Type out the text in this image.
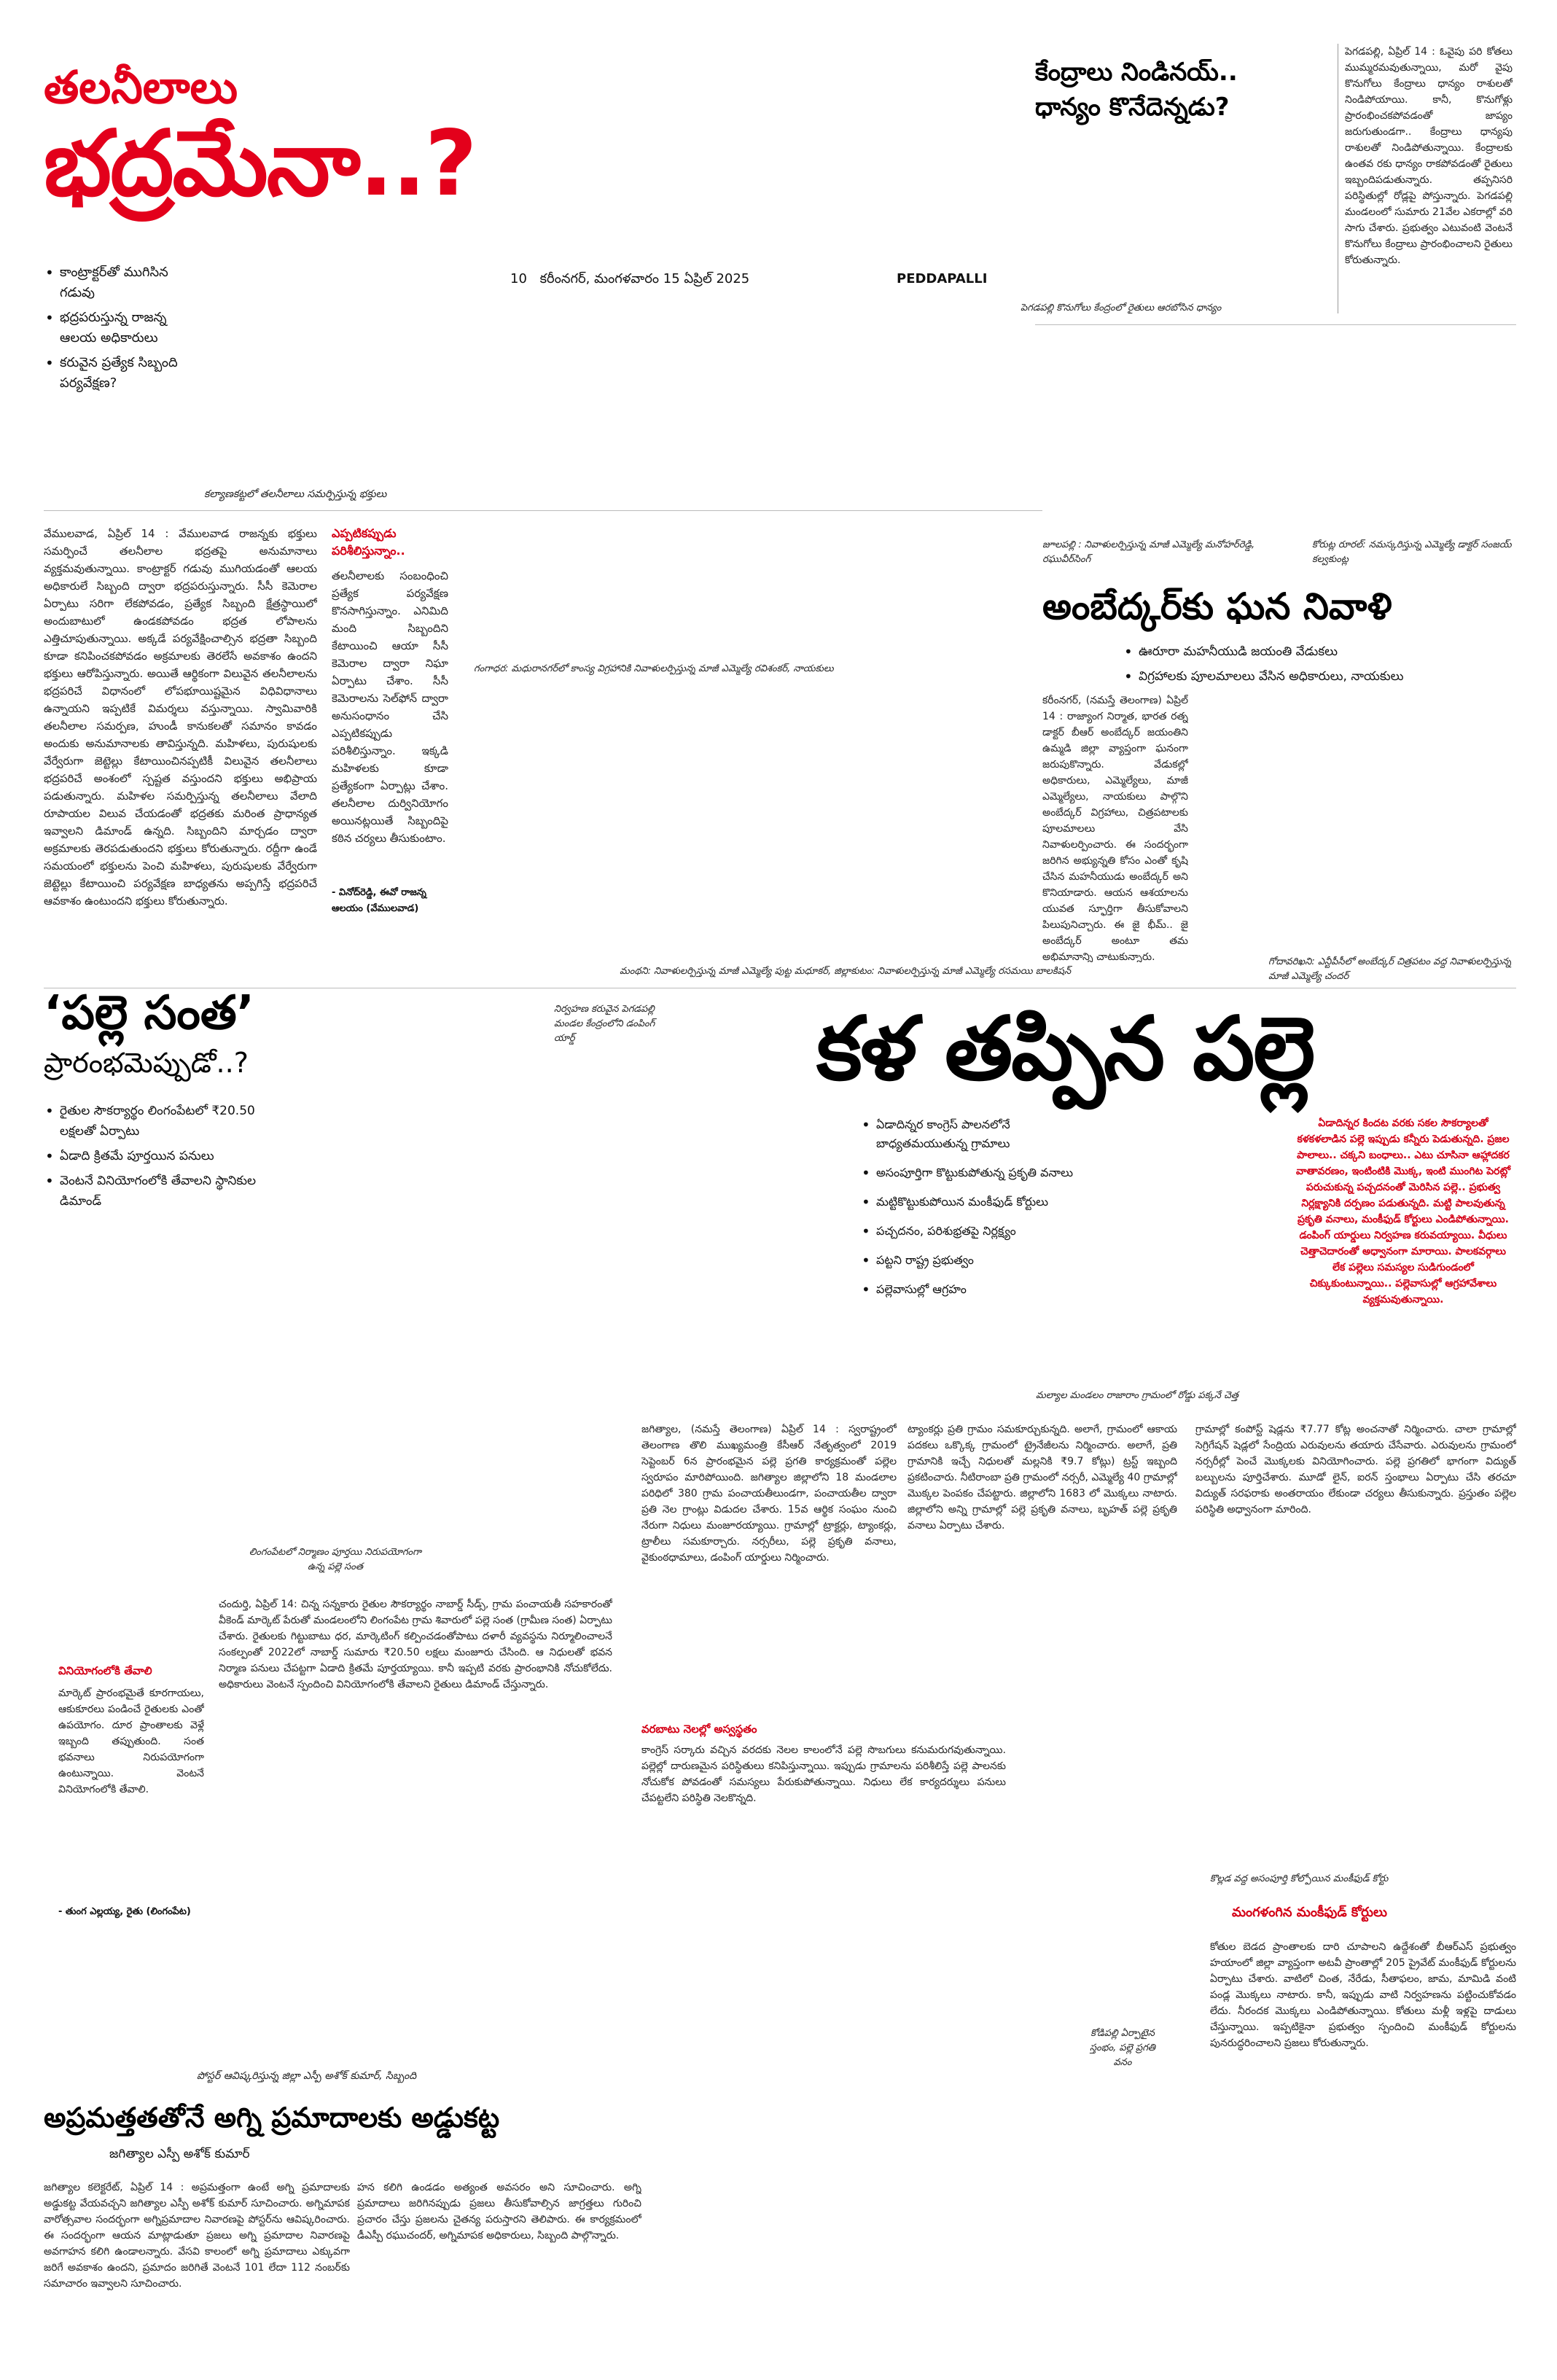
తలనీలాలు
భద్రమేనా..?
• కాంట్రాక్టర్‌తో ముగిసిన గడువు
• భద్రపరుస్తున్న రాజన్న ఆలయ అధికారులు
• కరువైన ప్రత్యేక సిబ్బంది పర్యవేక్షణ?
10 కరీంనగర్, మంగళవారం 15 ఏప్రిల్ 2025	PEDDAPALLI
కల్యాణకట్టలో తలనీలాలు సమర్పిస్తున్న భక్తులు
వేములవాడ, ఏప్రిల్ 14 : వేములవాడ రాజన్నకు భక్తులు సమర్పించే తలనీలాల భద్రతపై అనుమానాలు వ్యక్తమవుతున్నాయి. కాంట్రాక్టర్ గడువు ముగియడంతో ఆలయ అధికారులే సిబ్బంది ద్వారా భద్రపరుస్తున్నారు. సీసీ కెమెరాల ఏర్పాటు సరిగా లేకపోవడం, ప్రత్యేక సిబ్బంది క్షేత్రస్థాయిలో అందుబాటులో ఉండకపోవడం భద్రత లోపాలను ఎత్తిచూపుతున్నాయి. అక్కడే పర్యవేక్షించాల్సిన భద్రతా సిబ్బంది కూడా కనిపించకపోవడం అక్రమాలకు తెరలేసే అవకాశం ఉందని భక్తులు ఆరోపిస్తున్నారు. అయితే ఆర్థికంగా విలువైన తలనీలాలను భద్రపరిచే విధానంలో లోపభూయిష్టమైన విధివిధానాలు ఉన్నాయని ఇప్పటికే విమర్శలు వస్తున్నాయి. స్వామివారికి తలనీలాల సమర్పణ, హుండీ కానుకలతో సమానం కావడం అందుకు అనుమానాలకు తావిస్తున్నది. మహిళలు, పురుషులకు వేర్వేరుగా జెట్టెల్లు కేటాయించినప్పటికీ విలువైన తలనీలాలు భద్రపరిచే అంశంలో స్పష్టత వస్తుందని భక్తులు అభిప్రాయ పడుతున్నారు. మహిళల సమర్పిస్తున్న తలనీలాలు వేలాది రూపాయల విలువ చేయడంతో భద్రతకు మరింత ప్రాధాన్యత ఇవ్వాలని డిమాండ్ ఉన్నది. సిబ్బందిని మార్చడం ద్వారా అక్రమాలకు తెరపడుతుందని భక్తులు కోరుతున్నారు. రద్దీగా ఉండే సమయంలో భక్తులను పెంచి మహిళలు, పురుషులకు వేర్వేరుగా జెట్టెల్లు కేటాయించి పర్యవేక్షణ బాధ్యతను అప్పగిస్తే భద్రపరిచే ఆవకాశం ఉంటుందని భక్తులు కోరుతున్నారు.
ఎప్పటికప్పుడు పరిశీలిస్తున్నాం..
తలనీలాలకు సంబంధించి ప్రత్యేక పర్యవేక్షణ కొనసాగిస్తున్నాం. ఎనిమిది మంది సిబ్బందిని కేటాయించి ఆయా సీసీ కెమెరాల ద్వారా నిఘా ఏర్పాటు చేశాం. సీసీ కెమెరాలను సెల్‌ఫోన్ ద్వారా అనుసంధానం చేసి ఎప్పటికప్పుడు పరిశీలిస్తున్నాం. ఇక్కడి మహిళలకు కూడా ప్రత్యేకంగా ఏర్పాట్లు చేశాం. తలనీలాల దుర్వినియోగం అయినట్లయితే సిబ్బందిపై కఠిన చర్యలు తీసుకుంటాం.
- వినోద్‌రెడ్డి, ఈవో రాజన్న ఆలయం (వేములవాడ)
కేంద్రాలు నిండినయ్..
ధాన్యం కొనేదెన్నడు?
పెగడపల్లి, ఏప్రిల్ 14 : ఓవైపు పరి కోతలు ముమ్మరమవుతున్నాయి, మరో వైపు కొనుగోలు కేంద్రాలు ధాన్యం రాశులతో నిండిపోయాయి. కానీ, కొనుగోళ్లు ప్రారంభించకపోవడంతో జాప్యం జరుగుతుండగా.. కేంద్రాలు ధాన్యపు రాశులతో నిండిపోతున్నాయి. కేంద్రాలకు ఉంతవ రకు ధాన్యం రాకపోవడంతో రైతులు ఇబ్బందిపడుతున్నారు. తప్పనిసరి పరిస్థితుల్లో రోడ్లపై పోస్తున్నారు. పెగడపల్లి మండలంలో సుమారు 21వేల ఎకరాల్లో వరి సాగు చేశారు. ప్రభుత్వం ఎటువంటి వెంటనే కొనుగోలు కేంద్రాలు ప్రారంభించాలని రైతులు కోరుతున్నారు.
పెగడపల్లి కొనుగోలు కేంద్రంలో రైతులు ఆరబోసిన ధాన్యం
గంగాధర: మధురానగర్‌లో కాంస్య విగ్రహానికి నివాళులర్పిస్తున్న మాజీ ఎమ్మెల్యే రవిశంకర్, నాయకులు
జూలపల్లి : నివాళులర్పిస్తున్న మాజీ ఎమ్మెల్యే మనోహర్‌రెడ్డి, రఘువీర్‌సింగ్
కోరుట్ల రూరల్: నమస్కరిస్తున్న ఎమ్మెల్యే డాక్టర్ సంజయ్ కల్వకుంట్ల
అంబేద్కర్‌కు ఘన నివాళి
• ఊరూరా మహనీయుడి జయంతి వేడుకలు
• విగ్రహాలకు పూలమాలలు వేసిన అధికారులు, నాయకులు
కరీంనగర్, (నమస్తే తెలంగాణ) ఏప్రిల్ 14 : రాజ్యాంగ నిర్మాత, భారత రత్న డాక్టర్ బీఆర్ అంబేద్కర్ జయంతిని ఉమ్మడి జిల్లా వ్యాప్తంగా ఘనంగా జరుపుకొన్నారు. వేడుకల్లో అధికారులు, ఎమ్మెల్యేలు, మాజీ ఎమ్మెల్యేలు, నాయకులు పాల్గొని అంబేద్కర్ విగ్రహాలు, చిత్రపటాలకు పూలమాలలు వేసి నివాళులర్పించారు. ఈ సందర్భంగా జరిగిన అభ్యున్నతి కోసం ఎంతో కృషి చేసిన మహనీయుడు అంబేద్కర్ అని కొనియాడారు. ఆయన ఆశయాలను యువత స్ఫూర్తిగా తీసుకోవాలని పిలుపునిచ్చారు. ఈ జై భీమ్.. జై అంబేద్కర్ అంటూ తమ అభిమానాన్ని చాటుకున్నారు.
మంథని: నివాళులర్పిస్తున్న మాజీ ఎమ్మెల్యే పుట్ట మధూకర్, జిల్లాకుటం: నివాళులర్పిస్తున్న మాజీ ఎమ్మెల్యే రసమయి బాలకిషన్
గోదావరిఖని: ఎన్టీపీసీలో అంబేద్కర్ చిత్రపటం వద్ద నివాళులర్పిస్తున్న మాజీ ఎమ్మెల్యే చందర్
‘పల్లె సంత’
ప్రారంభమెప్పుడో..?
• రైతుల సౌకర్యార్థం లింగంపేటలో ₹20.50 లక్షలతో ఏర్పాటు
• ఏడాది క్రితమే పూర్తయిన పనులు
• వెంటనే వినియోగంలోకి తేవాలని స్థానికుల డిమాండ్
లింగంపేటలో నిర్మాణం పూర్తయి నిరుపయోగంగా ఉన్న పల్లె సంత
వినియోగంలోకి తేవాలి
మార్కెట్ ప్రారంభమైతే కూరగాయలు, ఆకుకూరలు పండించే రైతులకు ఎంతో ఉపయోగం. దూర ప్రాంతాలకు వెళ్లే ఇబ్బంది తప్పుతుంది. సంత భవనాలు నిరుపయోగంగా ఉంటున్నాయి. వెంటనే వినియోగంలోకి తేవాలి.
- తుంగ ఎల్లయ్య, రైతు (లింగంపేట)
చందుర్తి, ఏప్రిల్ 14: చిన్న సన్నకారు రైతుల సౌకర్యార్థం నాబార్డ్ సీడ్స్, గ్రామ పంచాయతీ సహకారంతో వీకెండ్ మార్కెట్ పేరుతో మండలంలోని లింగంపేట గ్రామ శివారులో పల్లె సంత (గ్రామీణ సంత) ఏర్పాటు చేశారు. రైతులకు గిట్టుబాటు ధర, మార్కెటింగ్ కల్పించడంతోపాటు దళారీ వ్యవస్థను నిర్మూలించాలనే సంకల్పంతో 2022లో నాబార్డ్ సుమారు ₹20.50 లక్షలు మంజూరు చేసింది. ఆ నిధులతో భవన నిర్మాణ పనులు చేపట్టగా ఏడాది క్రితమే పూర్తయ్యాయి. కానీ ఇప్పటి వరకు ప్రారంభానికి నోచుకోలేదు. అధికారులు వెంటనే స్పందించి వినియోగంలోకి తేవాలని రైతులు డిమాండ్ చేస్తున్నారు.
నిర్వహణ కరువైన పెగడపల్లి మండల కేంద్రంలోని డంపింగ్ యార్డ్	కళ తప్పిన పల్లె
• ఏడాదిన్నర కాంగ్రెస్ పాలనలోనే బాధ్యతమయుతున్న గ్రామాలు
• అసంపూర్తిగా కొట్టుకుపోతున్న ప్రకృతి వనాలు
• మట్టికొట్టుకుపోయిన మంకీఫుడ్ కోర్టులు
• పచ్చదనం, పరిశుభ్రతపై నిర్లక్ష్యం
• పట్టని రాష్ట్ర ప్రభుత్వం
• పల్లెవాసుల్లో ఆగ్రహం
ఏడాదిన్నర కిందట వరకు సకల సౌకర్యాలతో కళకళలాడిన పల్లె ఇప్పుడు కన్నీరు పెడుతున్నది. ప్రజల పాలాలు.. చక్కని బంధాలు.. ఎటు చూసినా ఆహ్లాదకర వాతావరణం, ఇంటింటికి మొక్క, ఇంటి ముంగిట పెరట్లో పరుచుకున్న పచ్చదనంతో మెరిసిన పల్లె.. ప్రభుత్వ నిర్లక్ష్యానికి దర్పణం పడుతున్నది. మట్టి పాలవుతున్న ప్రకృతి వనాలు, మంకీఫుడ్ కోర్టులు ఎండిపోతున్నాయి. డంపింగ్ యార్డులు నిర్వహణ కరువయ్యాయి. వీధులు చెత్తాచెదారంతో అధ్వానంగా మారాయి. పాలకవర్గాలు లేక పల్లెలు సమస్యల సుడిగుండంలో చిక్కుకుంటున్నాయి.. పల్లెవాసుల్లో ఆగ్రహావేశాలు వ్యక్తమవుతున్నాయి.
మల్యాల మండలం రాజారాం గ్రామంలో రోడ్డు పక్కనే చెత్త
జగిత్యాల, (నమస్తే తెలంగాణ) ఏప్రిల్ 14 : స్వరాష్ట్రంలో తెలంగాణ తొలి ముఖ్యమంత్రి కేసీఆర్ నేతృత్వంలో 2019 సెప్టెంబర్ 6న ప్రారంభమైన పల్లె ప్రగతి కార్యక్రమంతో పల్లెల స్వరూపం మారిపోయింది. జగిత్యాల జిల్లాలోని 18 మండలాల పరిధిలో 380 గ్రామ పంచాయతీలుండగా, పంచాయతీల ద్వారా ప్రతి నెల గ్రాంట్లు విడుదల చేశారు. 15వ ఆర్థిక సంఘం నుంచి నేరుగా నిధులు మంజూరయ్యాయి. గ్రామాల్లో ట్రాక్టర్లు, ట్యాంకర్లు, ట్రాలీలు సమకూర్చారు. నర్సరీలు, పల్లె ప్రకృతి వనాలు, వైకుంఠధామాలు, డంపింగ్ యార్డులు నిర్మించారు.
ట్యాంకర్లు ప్రతి గ్రామం సమకూర్చుకున్నది. అలాగే, గ్రామంలో ఆకాయ పదకలు ఒక్కొక్క గ్రామంలో ట్రైనేజీలను నిర్మించారు. అలాగే, ప్రతి గ్రామానికి ఇచ్చే నిధులతో మల్లనికి ₹9.7 కోట్లు) ట్రస్ట్ ఇబ్బంది ప్రకటించారు. నీటిరాంబా ప్రతి గ్రామంలో నర్సరీ, ఎమ్మెల్యే 40 గ్రామాల్లో మొక్కల పెంపకం చేపట్టారు. జిల్లాలోని 1683 లో మొక్కలు నాటారు. జిల్లాలోని అన్ని గ్రామాల్లో పల్లె ప్రకృతి వనాలు, బృహత్ పల్లె ప్రకృతి వనాలు ఏర్పాటు చేశారు.
గ్రామాల్లో కంపోస్ట్ షెడ్లను ₹7.77 కోట్ల అంచనాతో నిర్మించారు. చాలా గ్రామాల్లో సెగ్రిగేషన్ షెడ్లలో సేంద్రియ ఎరువులను తయారు చేసేవారు. ఎరువులను గ్రామంలో నర్సరీల్లో పెంచే మొక్కలకు వినియోగించారు. పల్లె ప్రగతిలో భాగంగా విద్యుత్ బల్బులను పూర్తిచేశారు. మూడో లైన్, ఐరన్ స్తంభాలు ఏర్పాటు చేసి తరచూ విద్యుత్ సరఫరాకు అంతరాయం లేకుండా చర్యలు తీసుకున్నారు. ప్రస్తుతం పల్లెల పరిస్థితి అధ్వానంగా మారింది.
వరబాటు నెలల్లో అస్వస్థతం
కాంగ్రెస్ సర్కారు వచ్చిన వరదకు నెలల కాలంలోనే పల్లె సొబగులు కనుమరుగవుతున్నాయి. పల్లెల్లో దారుణమైన పరిస్థితులు కనిపిస్తున్నాయి. ఇప్పుడు గ్రామాలను పరిశీలిస్తే పల్లె పాలనకు నోచుకోక పోవడంతో సమస్యలు పేరుకుపోతున్నాయి. నిధులు లేక కార్యదర్శులు పనులు చేపట్టలేని పరిస్థితి నెలకొన్నది.
కోడిపల్లి ఏర్పాటైన స్తంభం, పల్లె ప్రగతి వనం
కొల్లడ వద్ద అసంపూర్తి కోల్పోయిన మంకీఫుడ్ కోర్టు
మంగళంగిన మంకీఫుడ్ కోర్టులు
కోతుల బెడద ప్రాంతాలకు దారి చూపాలని ఉద్దేశంతో బీఆర్ఎస్ ప్రభుత్వం హయాంలో జిల్లా వ్యాప్తంగా అటవీ ప్రాంతాల్లో 205 ప్రైవేట్ మంకీఫుడ్ కోర్టులను ఏర్పాటు చేశారు. వాటిలో చింత, నేరేడు, సీతాఫలం, జామ, మామిడి వంటి పండ్ల మొక్కలు నాటారు. కానీ, ఇప్పుడు వాటి నిర్వహణను పట్టించుకోవడం లేదు. నీరందక మొక్కలు ఎండిపోతున్నాయి. కోతులు మళ్లీ ఇళ్లపై దాడులు చేస్తున్నాయి. ఇప్పటికైనా ప్రభుత్వం స్పందించి మంకీఫుడ్ కోర్టులను పునరుద్ధరించాలని ప్రజలు కోరుతున్నారు.
పోస్టర్ ఆవిష్కరిస్తున్న జిల్లా ఎస్పీ అశోక్ కుమార్, సిబ్బంది
అప్రమత్తతతోనే అగ్ని ప్రమాదాలకు అడ్డుకట్ట
జగిత్యాల ఎస్పీ అశోక్ కుమార్
జగిత్యాల కలెక్టరేట్, ఏప్రిల్ 14 : అప్రమత్తంగా ఉంటే అగ్ని ప్రమాదాలకు అడ్డుకట్ట వేయవచ్చని జగిత్యాల ఎస్పీ అశోక్ కుమార్ సూచించారు. అగ్నిమాపక వారోత్సవాల సందర్భంగా అగ్నిప్రమాదాల నివారణపై పోస్టర్‌ను ఆవిష్కరించారు. ఈ సందర్భంగా ఆయన మాట్లాడుతూ ప్రజలు అగ్ని ప్రమాదాల నివారణపై అవగాహన కలిగి ఉండాలన్నారు. వేసవి కాలంలో అగ్ని ప్రమాదాలు ఎక్కువగా జరిగే అవకాశం ఉందని, ప్రమాదం జరిగితే వెంటనే 101 లేదా 112 నంబర్‌కు సమాచారం ఇవ్వాలని సూచించారు.
హన కలిగి ఉండడం అత్యంత అవసరం అని సూచించారు. అగ్ని ప్రమాదాలు జరిగినప్పుడు ప్రజలు తీసుకోవాల్సిన జాగ్రత్తలు గురించి ప్రచారం చేస్తు ప్రజలను చైతన్య పరుస్తారని తెలిపారు. ఈ కార్యక్రమంలో డీఎస్పీ రఘుచందర్, అగ్నిమాపక అధికారులు, సిబ్బంది పాల్గొన్నారు.
